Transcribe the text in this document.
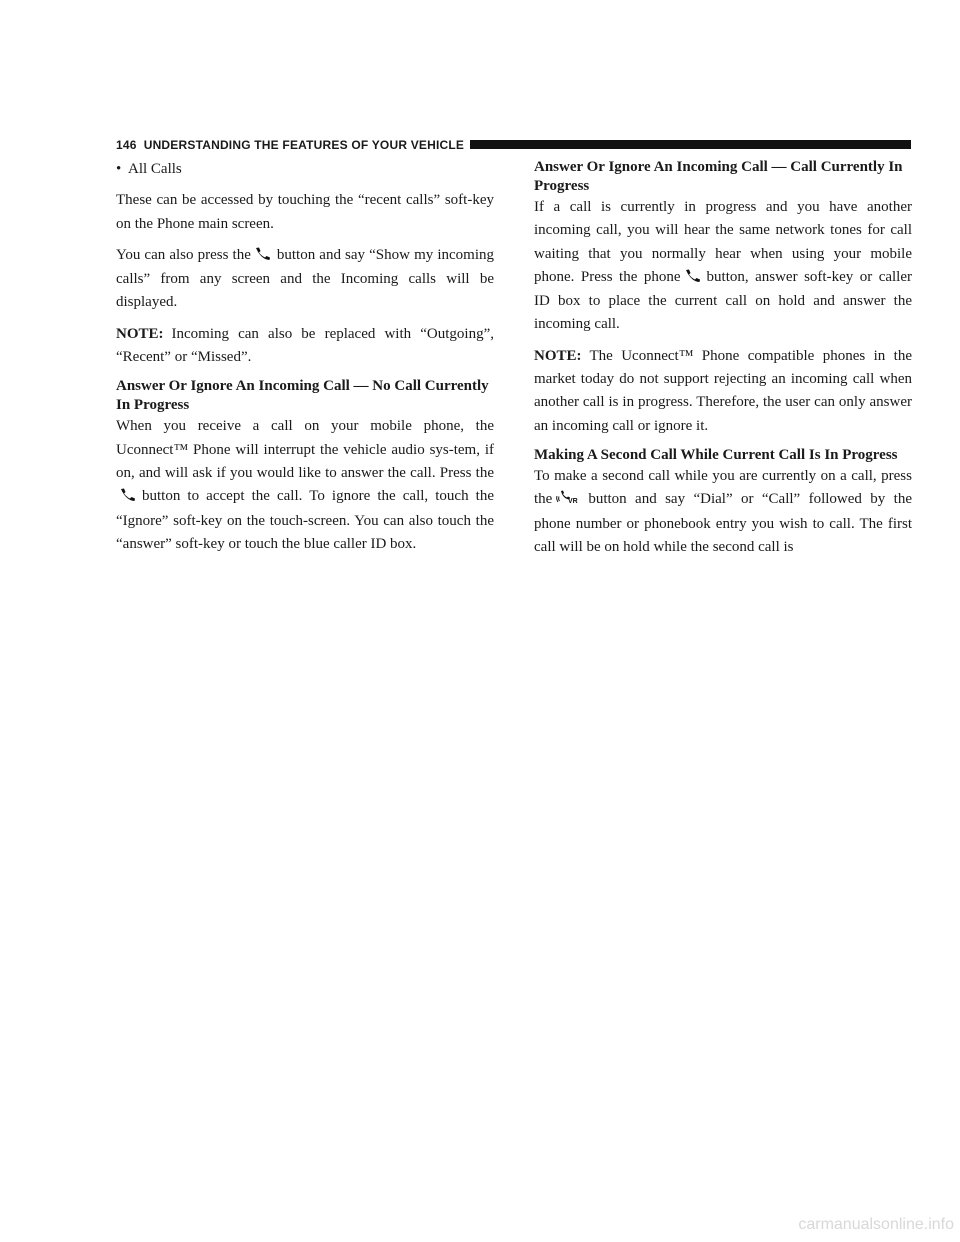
146 UNDERSTANDING THE FEATURES OF YOUR VEHICLE
• All Calls

These can be accessed by touching the “recent calls” soft-key on the Phone main screen.

You can also press the button and say “Show my incoming calls” from any screen and the Incoming calls will be displayed.

NOTE: Incoming can also be replaced with “Outgoing”, “Recent” or “Missed”.

Answer Or Ignore An Incoming Call — No Call Currently In Progress

When you receive a call on your mobile phone, the Uconnect™ Phone will interrupt the vehicle audio sys-tem, if on, and will ask if you would like to answer the call. Press thebutton to accept the call. To ignore the call, touch the “Ignore” soft-key on the touch-screen. You can also touch the “answer” soft-key or touch the blue caller ID box.

Answer Or Ignore An Incoming Call — Call Currently In Progress

If a call is currently in progress and you have another incoming call, you will hear the same network tones for call waiting that you normally hear when using your mobile phone. Press the phone button, answer soft-key or caller ID box to place the current call on hold and answer the incoming call.

NOTE: The Uconnect™ Phone compatible phones in the market today do not support rejecting an incoming call when another call is in progress. Therefore, the user can only answer an incoming call or ignore it.

Making A Second Call While Current Call Is In Progress

To make a second call while you are currently on a call, press the VR button and say “Dial” or “Call” followed by the phone number or phonebook entry you wish to call. The first call will be on hold while the second call is

carmanualsonline.info
